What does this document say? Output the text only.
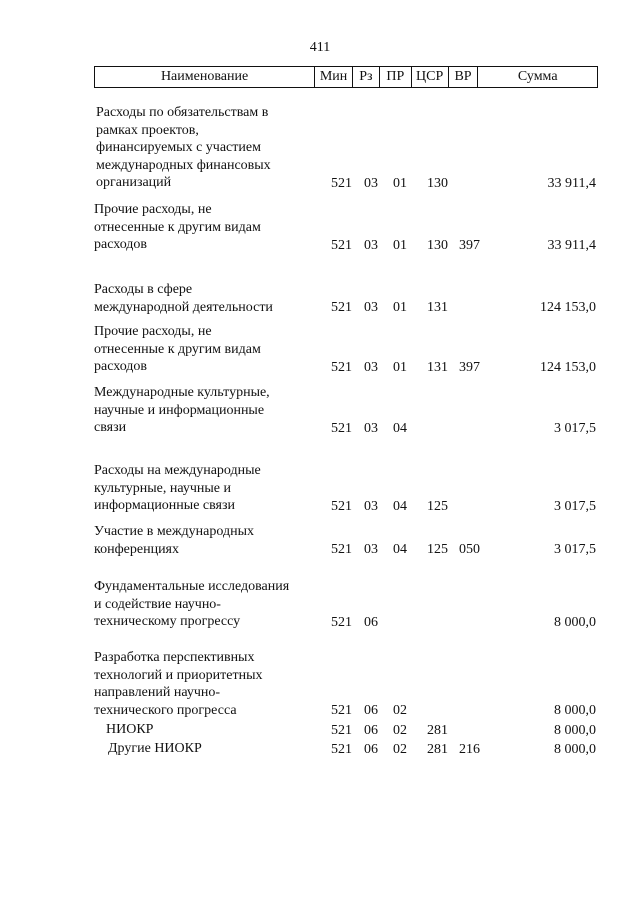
411
Наименование	Мин Рз ПР ЦСР ВР	Сумма
Расходы по обязательствам в
рамках проектов,
финансируемых с участием
международных финансовых
организаций	521 03 01 130	33 911,4
Прочие расходы, не
отнесенные к другим видам
расходов	521 03 01 130 397	33 911,4
Расходы в сфере
международной деятельности	521 03 01 131	124 153,0
Прочие расходы, не
отнесенные к другим видам
расходов	521 03 01 131 397	124 153,0
Международные культурные,
научные и информационные
связи	521 03 04	3 017,5
Расходы на международные
культурные, научные и
информационные связи	521 03 04 125	3 017,5
Участие в международных
конференциях	521 03 04 125 050	3 017,5
Фундаментальные исследования
и содействие научно-
техническому прогрессу	521 06	8 000,0
Разработка перспективных
технологий и приоритетных
направлений научно-
технического прогресса	521 06 02	8 000,0
НИОКР	521 06 02 281	8 000,0
Другие НИОКР	521 06 02 281 216	8 000,0
